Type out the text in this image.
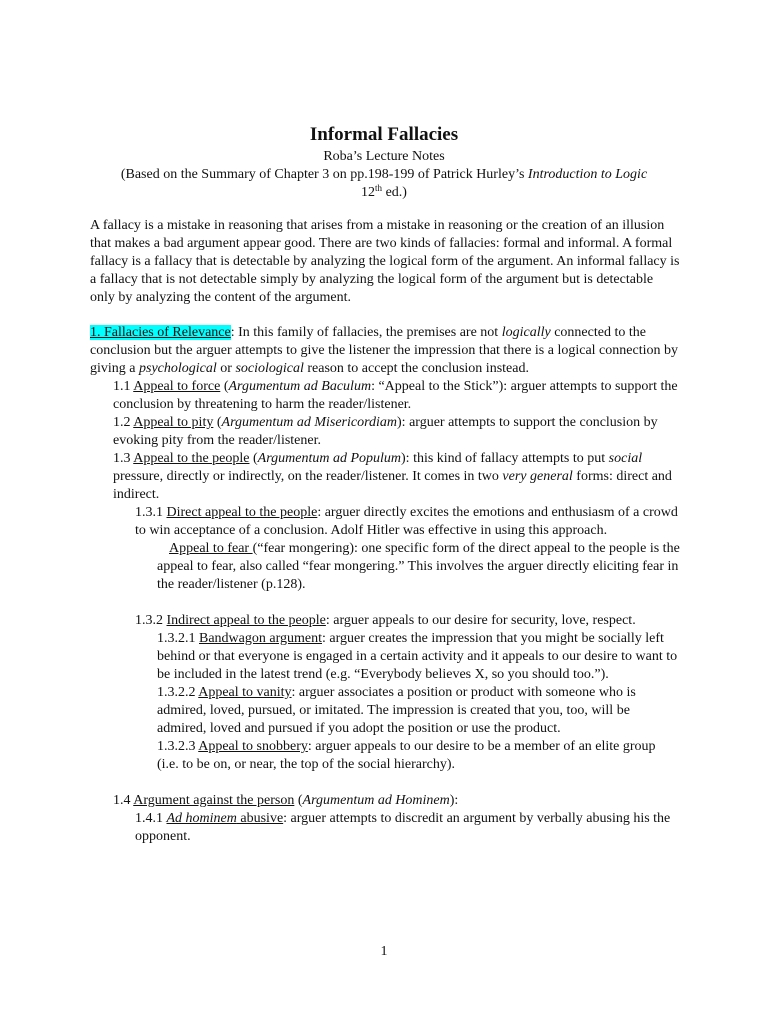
Informal Fallacies
Roba’s Lecture Notes
(Based on the Summary of Chapter 3 on pp.198-199 of Patrick Hurley’s Introduction to Logic
12th ed.)

A fallacy is a mistake in reasoning that arises from a mistake in reasoning or the creation of an illusion that makes a bad argument appear good. There are two kinds of fallacies: formal and informal. A formal fallacy is a fallacy that is detectable by analyzing the logical form of the argument. An informal fallacy is a fallacy that is not detectable simply by analyzing the logical form of the argument but is detectable only by analyzing the content of the argument.

1. Fallacies of Relevance: In this family of fallacies, the premises are not logically connected to the conclusion but the arguer attempts to give the listener the impression that there is a logical connection by giving a psychological or sociological reason to accept the conclusion instead.

1.1 Appeal to force (Argumentum ad Baculum: “Appeal to the Stick”): arguer attempts to support the conclusion by threatening to harm the reader/listener.

1.2 Appeal to pity (Argumentum ad Misericordiam): arguer attempts to support the conclusion by evoking pity from the reader/listener.

1.3 Appeal to the people (Argumentum ad Populum): this kind of fallacy attempts to put social pressure, directly or indirectly, on the reader/listener. It comes in two very general forms: direct and indirect.

1.3.1 Direct appeal to the people: arguer directly excites the emotions and enthusiasm of a crowd to win acceptance of a conclusion. Adolf Hitler was effective in using this approach.

Appeal to fear (“fear mongering): one specific form of the direct appeal to the people is the appeal to fear, also called “fear mongering.” This involves the arguer directly eliciting fear in the reader/listener (p.128).

1.3.2 Indirect appeal to the people: arguer appeals to our desire for security, love, respect.

1.3.2.1 Bandwagon argument: arguer creates the impression that you might be socially left behind or that everyone is engaged in a certain activity and it appeals to our desire to want to be included in the latest trend (e.g. “Everybody believes X, so you should too.”).

1.3.2.2 Appeal to vanity: arguer associates a position or product with someone who is admired, loved, pursued, or imitated. The impression is created that you, too, will be admired, loved and pursued if you adopt the position or use the product.

1.3.2.3 Appeal to snobbery: arguer appeals to our desire to be a member of an elite group (i.e. to be on, or near, the top of the social hierarchy).

1.4 Argument against the person (Argumentum ad Hominem):

1.4.1 Ad hominem abusive: arguer attempts to discredit an argument by verbally abusing his the opponent.

1
